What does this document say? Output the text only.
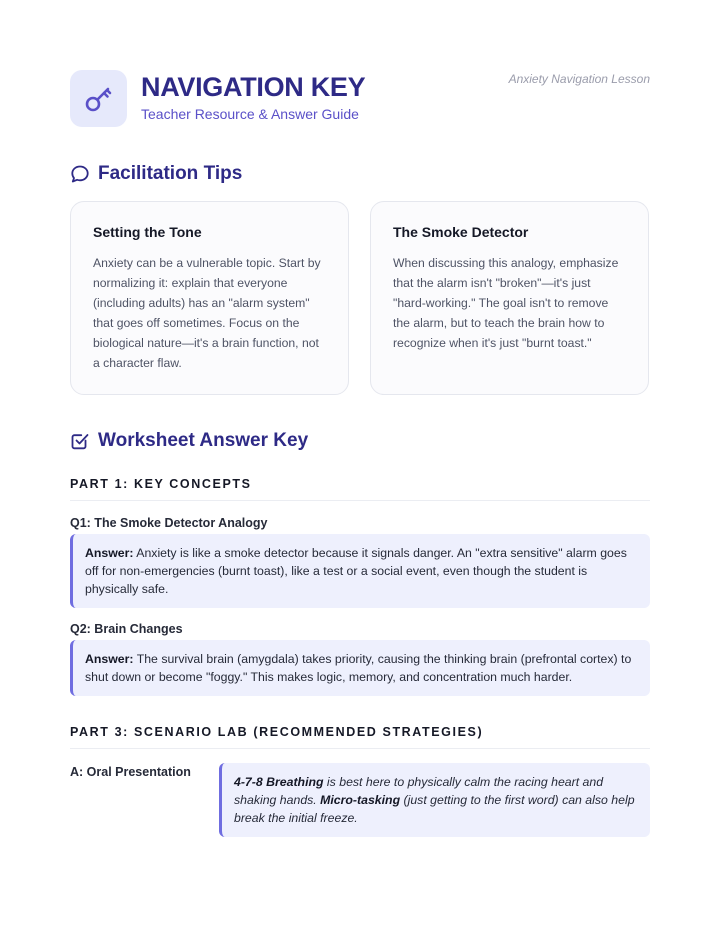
NAVIGATION KEY

Teacher Resource & Answer Guide

Anxiety Navigation Lesson
Facilitation Tips
Setting the Tone

Anxiety can be a vulnerable topic. Start by normalizing it: explain that everyone (including adults) has an "alarm system" that goes off sometimes. Focus on the biological nature—it's a brain function, not a character flaw.

The Smoke Detector

When discussing this analogy, emphasize that the alarm isn't "broken"—it's just "hard-working." The goal isn't to remove the alarm, but to teach the brain how to recognize when it's just "burnt toast."

Worksheet Answer Key
PART 1: KEY CONCEPTS
Q1: The Smoke Detector Analogy
Answer: Anxiety is like a smoke detector because it signals danger. An "extra sensitive" alarm goes off for non-emergencies (burnt toast), like a test or a social event, even though the student is physically safe.
Q2: Brain Changes
Answer: The survival brain (amygdala) takes priority, causing the thinking brain (prefrontal cortex) to shut down or become "foggy." This makes logic, memory, and concentration much harder.
PART 3: SCENARIO LAB (RECOMMENDED STRATEGIES)
A: Oral Presentation
4-7-8 Breathing is best here to physically calm the racing heart and shaking hands. Micro-tasking (just getting to the first word) can also help break the initial freeze.
